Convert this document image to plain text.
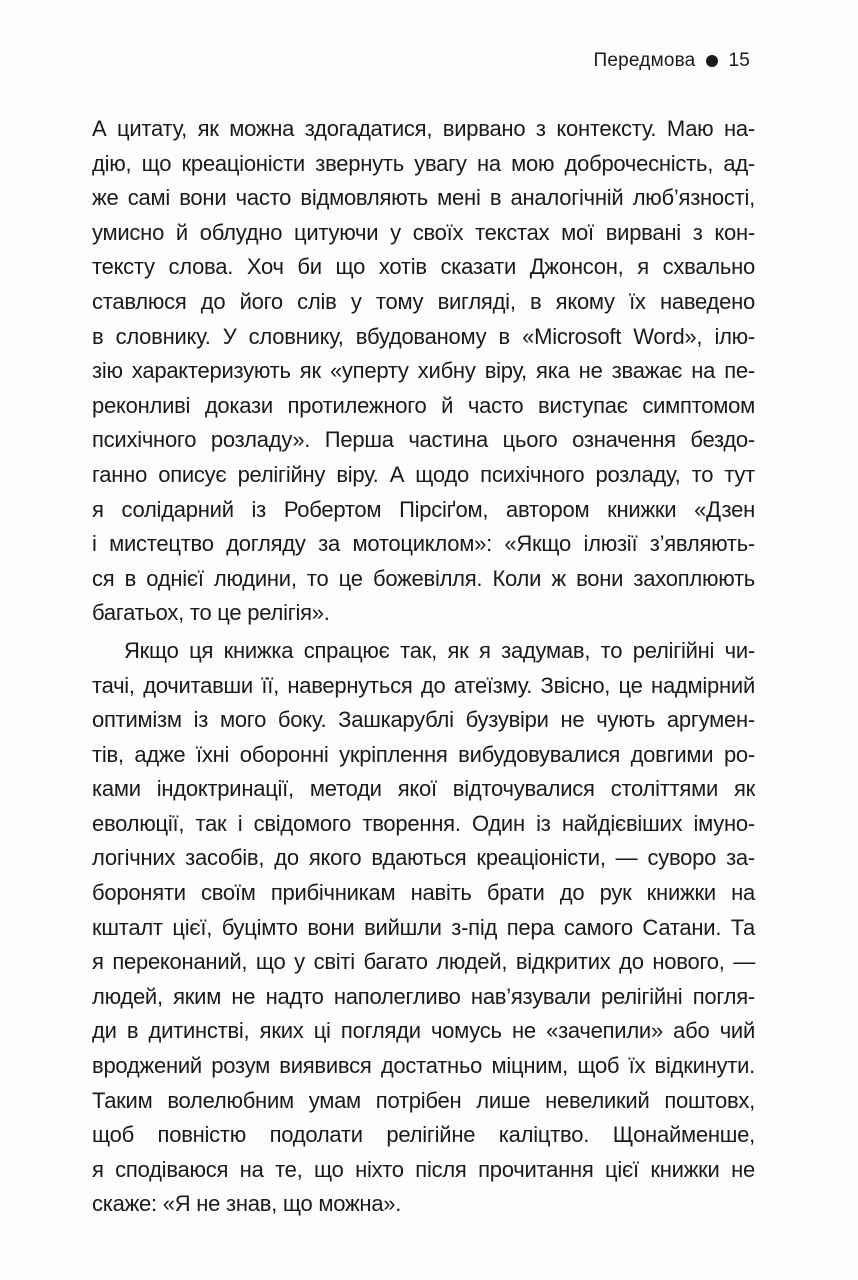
Передмова 15
А цитату, як можна здогадатися, вирвано з контексту. Маю на-
дію, що креаціоністи звернуть увагу на мою доброчесність, ад-
же самі вони часто відмовляють мені в аналогічній люб’язності,
умисно й облудно цитуючи у своїх текстах мої вирвані з кон-
тексту слова. Хоч би що хотів сказати Джонсон, я схвально
ставлюся до його слів у тому вигляді, в якому їх наведено
в словнику. У словнику, вбудованому в «Microsoft Word», ілю-
зію характеризують як «уперту хибну віру, яка не зважає на пе-
реконливі докази протилежного й часто виступає симптомом
психічного розладу». Перша частина цього означення бездо-
ганно описує релігійну віру. А щодо психічного розладу, то тут
я солідарний із Робертом Пірсіґом, автором книжки «Дзен
і мистецтво догляду за мотоциклом»: «Якщо ілюзії з’являють-
ся в однієї людини, то це божевілля. Коли ж вони захоплюють
багатьох, то це релігія».
Якщо ця книжка спрацює так, як я задумав, то релігійні чи-
тачі, дочитавши її, навернуться до атеїзму. Звісно, це надмірний
оптимізм із мого боку. Зашкарублі бузувіри не чують аргумен-
тів, адже їхні оборонні укріплення вибудовувалися довгими ро-
ками індоктринації, методи якої відточувалися століттями як
еволюції, так і свідомого творення. Один із найдієвіших імуно-
логічних засобів, до якого вдаються креаціоністи, — суворо за-
бороняти своїм прибічникам навіть брати до рук книжки на
кшталт цієї, буцімто вони вийшли з-під пера самого Сатани. Та
я переконаний, що у світі багато людей, відкритих до нового, —
людей, яким не надто наполегливо нав’язували релігійні погля-
ди в дитинстві, яких ці погляди чомусь не «зачепили» або чий
вроджений розум виявився достатньо міцним, щоб їх відкинути.
Таким волелюбним умам потрібен лише невеликий поштовх,
щоб повністю подолати релігійне каліцтво. Щонайменше,
я сподіваюся на те, що ніхто після прочитання цієї книжки не
скаже: «Я не знав, що можна».
